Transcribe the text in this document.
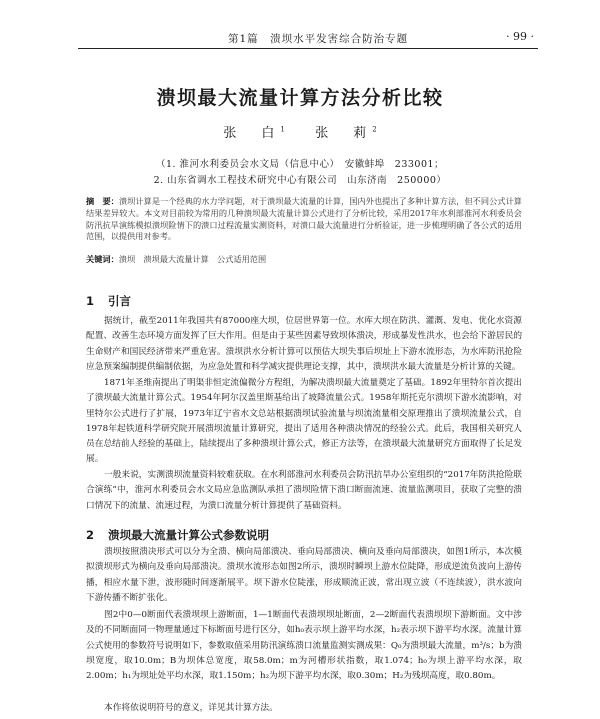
第1篇　溃坝水平发害综合防治专题	· 99 ·
溃坝最大流量计算方法分析比较
张　白$^1$ 张　莉$^2$
（1. 淮河水利委员会水文局（信息中心）　安徽蚌埠　233001；
2. 山东省调水工程技术研究中心有限公司　山东济南　250000）
摘　要：溃坝计算是一个经典的水力学问题，对于溃坝最大流量的计算，国内外也提出了多种计算方法，但不同公式计算结果差异较大。本文对目前较为常用的几种溃坝最大流量计算公式进行了分析比较，采用2017年水利部淮河水利委员会防汛抗旱演练模拟溃坝险情下的溃口过程流量实测资料，对溃口最大流量进行分析验证，进一步梳理明确了各公式的适用范围，以提供用对参考。
关键词：溃坝　溃坝最大流量计算　公式适用范围
1 引言

据统计，截至2011年我国共有87000座大坝，位居世界第一位。水库大坝在防洪、灌溉、发电、优化水资源配置、改善生态环境方面发挥了巨大作用。但是由于某些因素导致坝体溃决，形成暴发性洪水，也会给下游居民的生命财产和国民经济带来严重危害。溃坝洪水分析计算可以预估大坝失事后坝址上下游水流形态，为水库防汛抢险应急预案编制提供编制依据，为应急处置和科学减灾提供理论支撑，其中，溃坝洪水最大流量是分析计算的关键。

1871年圣维南提出了明渠非恒定流偏微分方程组，为解决溃坝最大流量奠定了基础。1892年里特尔首次提出了溃坝最大流量计算公式。1954年阿尔汉盖里斯基给出了坡降流量公式。1958年斯托克尔溃坝下游水流影响，对里特尔公式进行了扩展，1973年辽宁省水文总站根据溃坝试验流量与坝流流量相交原理推出了溃坝流量公式，自1978年起铁道科学研究院开展溃坝流量计算研究，提出了适用各种溃决情况的经验公式。此后，我国相关研究人员在总结前人经验的基础上，陆续提出了多种溃坝计算公式，修正方法等，在溃坝最大流量研究方面取得了长足发展。

一般来说，实测溃坝流量资料较难获取。在水利部淮河水利委员会防汛抗旱办公室组织的“2017年防洪抢险联合演练”中，淮河水利委员会水文局应急监测队承担了溃坝险情下溃口断面流速、流量监测项目，获取了完整的溃口情况下的流量、流速过程，为溃口流量分析计算提供了基础资料。

2 溃坝最大流量计算公式参数说明

溃坝按照溃决形式可以分为全溃、横向局部溃决、垂向局部溃决、横向及垂向局部溃决，如图1所示，本次模拟溃坝形式为横向及垂向局部溃决。溃坝水流形态如图2所示，溃坝时瞬坝上游水位陡降，形成逆流负波向上游传播，相应水量下泄，波形随时间逐渐展平。坝下游水位陡涨，形成顺流正波，常出现立波（不连续波），洪水波向下游传播不断扩张化。

图2中0—0断面代表溃坝坝上游断面，1—1断面代表溃坝坝址断面，2—2断面代表溃坝坝下游断面。文中涉及的不同断面同一物理量通过下标断面号进行区分，如h₀表示坝上游平均水深，h₂表示坝下游平均水深。流量计算公式使用的参数符号说明如下，参数取值采用防汛演练溃口流量监测实测成果：Q₀为溃坝最大流量，m³/s；b为溃坝宽度，取10.0m；B为坝体总宽度，取58.0m；m为河槽形状指数，取1.074；h₀为坝上游平均水深，取2.00m；h₁为坝址处平均水深，取1.150m；h₂为坝下游平均水深，取0.30m；H₂为残坝高度，取0.80m。

本作将依说明符号的意义，详见其计算方法。
